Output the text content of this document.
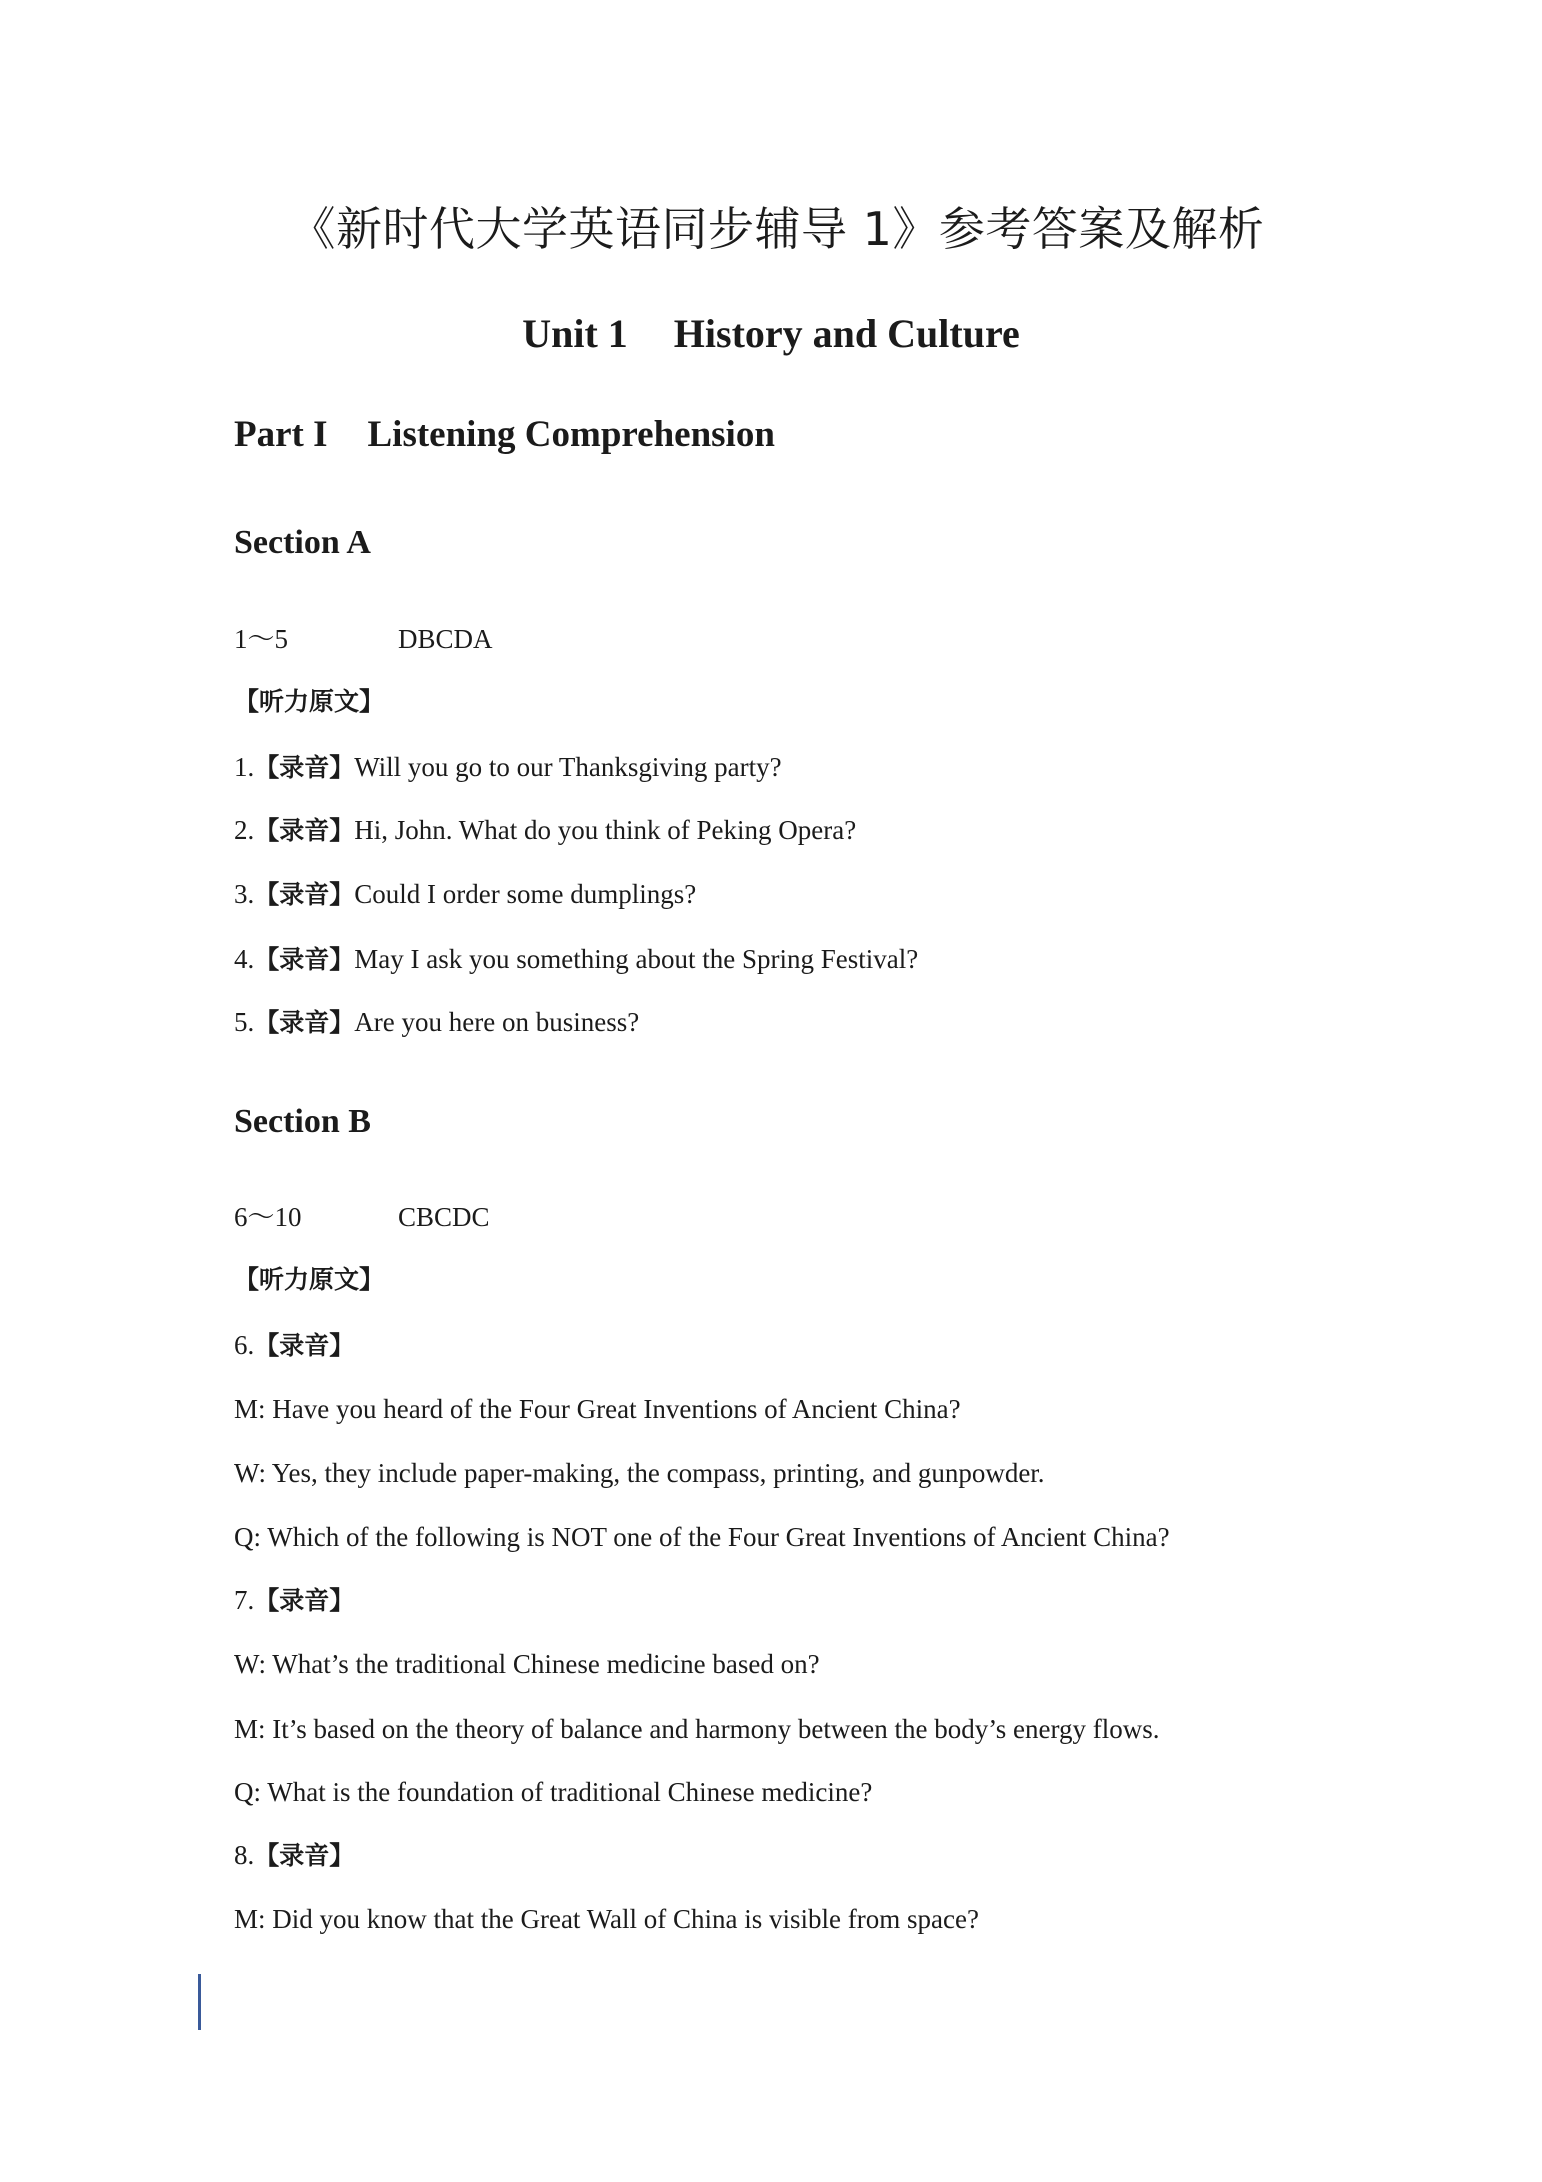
《新时代大学英语同步辅导 1》参考答案及解析
Unit 1 History and Culture
Part I Listening Comprehension
Section A
1～5	DBCDA
【听力原文】
1.【录音】Will you go to our Thanksgiving party?
2.【录音】Hi, John. What do you think of Peking Opera?
3.【录音】Could I order some dumplings?
4.【录音】May I ask you something about the Spring Festival?
5.【录音】Are you here on business?
Section B
6～10	CBCDC
【听力原文】
6.【录音】
M: Have you heard of the Four Great Inventions of Ancient China?
W: Yes, they include paper-making, the compass, printing, and gunpowder.
Q: Which of the following is NOT one of the Four Great Inventions of Ancient China?
7.【录音】
W: What’s the traditional Chinese medicine based on?
M: It’s based on the theory of balance and harmony between the body’s energy flows.
Q: What is the foundation of traditional Chinese medicine?
8.【录音】
M: Did you know that the Great Wall of China is visible from space?
